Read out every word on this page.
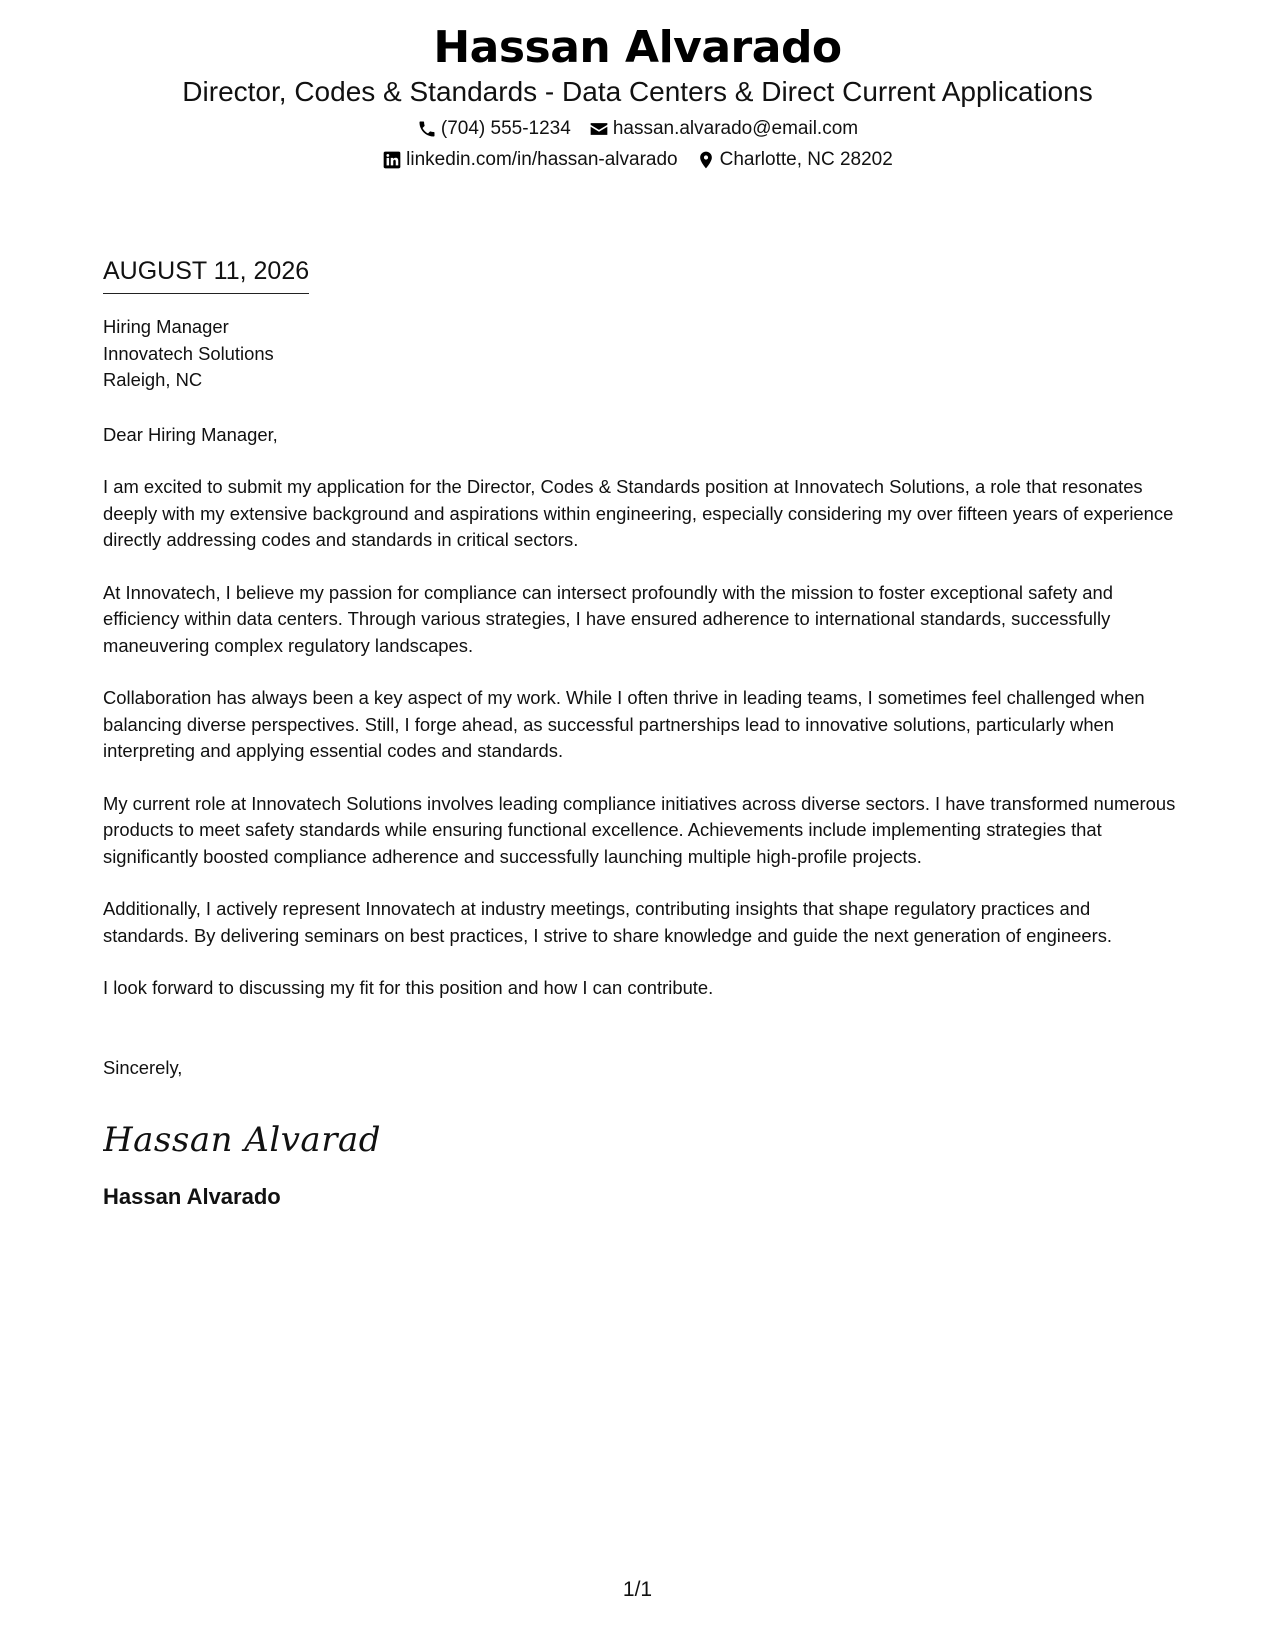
Hassan Alvarado
Director, Codes & Standards - Data Centers & Direct Current Applications
(704) 555-1234 hassan.alvarado@email.com
linkedin.com/in/hassan-alvarado Charlotte, NC 28202
AUGUST 11, 2026
Hiring Manager
Innovatech Solutions
Raleigh, NC
Dear Hiring Manager,
I am excited to submit my application for the Director, Codes & Standards position at Innovatech Solutions, a role that resonates deeply with my extensive background and aspirations within engineering, especially considering my over fifteen years of experience directly addressing codes and standards in critical sectors.
At Innovatech, I believe my passion for compliance can intersect profoundly with the mission to foster exceptional safety and efficiency within data centers. Through various strategies, I have ensured adherence to international standards, successfully maneuvering complex regulatory landscapes.
Collaboration has always been a key aspect of my work. While I often thrive in leading teams, I sometimes feel challenged when balancing diverse perspectives. Still, I forge ahead, as successful partnerships lead to innovative solutions, particularly when interpreting and applying essential codes and standards.
My current role at Innovatech Solutions involves leading compliance initiatives across diverse sectors. I have transformed numerous products to meet safety standards while ensuring functional excellence. Achievements include implementing strategies that significantly boosted compliance adherence and successfully launching multiple high-profile projects.
Additionally, I actively represent Innovatech at industry meetings, contributing insights that shape regulatory practices and standards. By delivering seminars on best practices, I strive to share knowledge and guide the next generation of engineers.
I look forward to discussing my fit for this position and how I can contribute.
Sincerely,
Hassan Alvarad
Hassan Alvarado
1/1
